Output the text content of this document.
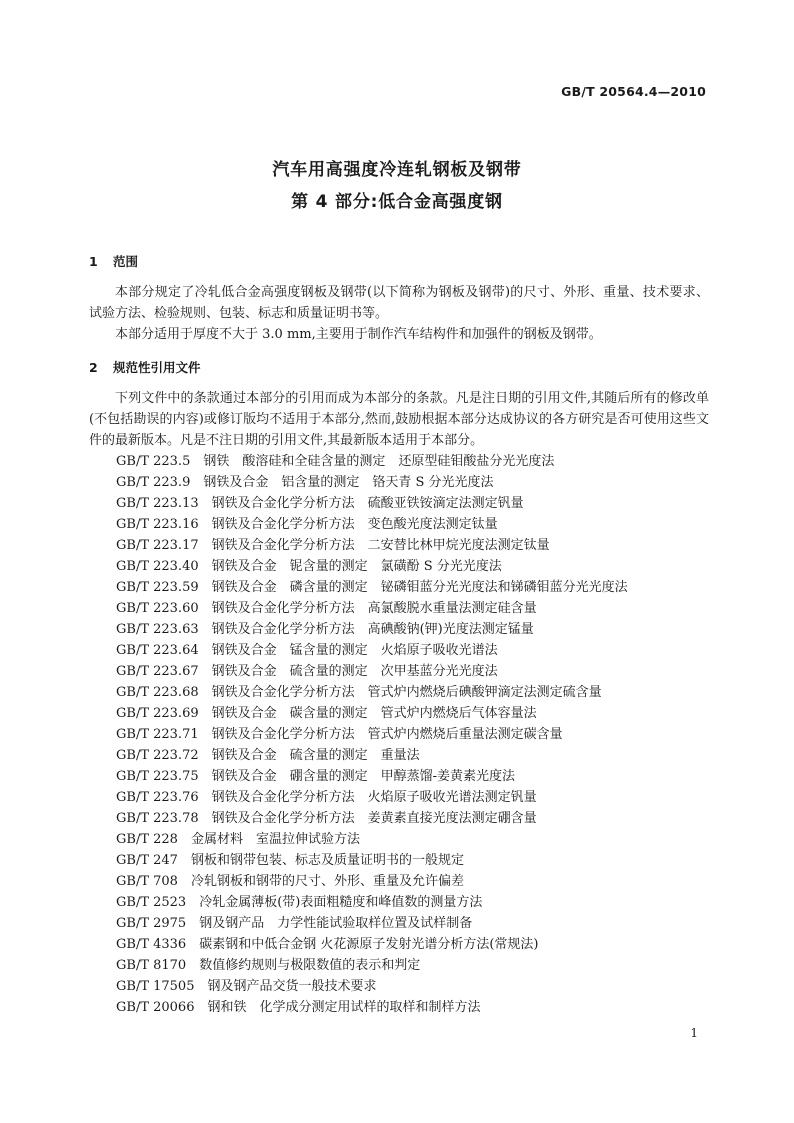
GB/T 20564.4—2010
汽车用高强度冷连轧钢板及钢带
第 4 部分:低合金高强度钢
1 范围

本部分规定了冷轧低合金高强度钢板及钢带(以下简称为钢板及钢带)的尺寸、外形、重量、技术要求、试验方法、检验规则、包装、标志和质量证明书等。

本部分适用于厚度不大于 3.0 mm,主要用于制作汽车结构件和加强件的钢板及钢带。

2 规范性引用文件

下列文件中的条款通过本部分的引用而成为本部分的条款。凡是注日期的引用文件,其随后所有的修改单(不包括勘误的内容)或修订版均不适用于本部分,然而,鼓励根据本部分达成协议的各方研究是否可使用这些文件的最新版本。凡是不注日期的引用文件,其最新版本适用于本部分。

GB/T 223.5 钢铁　酸溶硅和全硅含量的测定　还原型硅钼酸盐分光光度法
GB/T 223.9 钢铁及合金　铝含量的测定　铬天青 S 分光光度法
GB/T 223.13 钢铁及合金化学分析方法　硫酸亚铁铵滴定法测定钒量
GB/T 223.16 钢铁及合金化学分析方法　变色酸光度法测定钛量
GB/T 223.17 钢铁及合金化学分析方法　二安替比林甲烷光度法测定钛量
GB/T 223.40 钢铁及合金　铌含量的测定　氯磺酚 S 分光光度法
GB/T 223.59 钢铁及合金　磷含量的测定　铋磷钼蓝分光光度法和锑磷钼蓝分光光度法
GB/T 223.60 钢铁及合金化学分析方法　高氯酸脱水重量法测定硅含量
GB/T 223.63 钢铁及合金化学分析方法　高碘酸钠(钾)光度法测定锰量
GB/T 223.64 钢铁及合金　锰含量的测定　火焰原子吸收光谱法
GB/T 223.67 钢铁及合金　硫含量的测定　次甲基蓝分光光度法
GB/T 223.68 钢铁及合金化学分析方法　管式炉内燃烧后碘酸钾滴定法测定硫含量
GB/T 223.69 钢铁及合金　碳含量的测定　管式炉内燃烧后气体容量法
GB/T 223.71 钢铁及合金化学分析方法　管式炉内燃烧后重量法测定碳含量
GB/T 223.72 钢铁及合金　硫含量的测定　重量法
GB/T 223.75 钢铁及合金　硼含量的测定　甲醇蒸馏-姜黄素光度法
GB/T 223.76 钢铁及合金化学分析方法　火焰原子吸收光谱法测定钒量
GB/T 223.78 钢铁及合金化学分析方法　姜黄素直接光度法测定硼含量
GB/T 228 金属材料　室温拉伸试验方法
GB/T 247 钢板和钢带包装、标志及质量证明书的一般规定
GB/T 708 冷轧钢板和钢带的尺寸、外形、重量及允许偏差
GB/T 2523 冷轧金属薄板(带)表面粗糙度和峰值数的测量方法
GB/T 2975 钢及钢产品　力学性能试验取样位置及试样制备
GB/T 4336 碳素钢和中低合金钢 火花源原子发射光谱分析方法(常规法)
GB/T 8170 数值修约规则与极限数值的表示和判定
GB/T 17505 钢及钢产品交货一般技术要求
GB/T 20066 钢和铁　化学成分测定用试样的取样和制样方法
1
